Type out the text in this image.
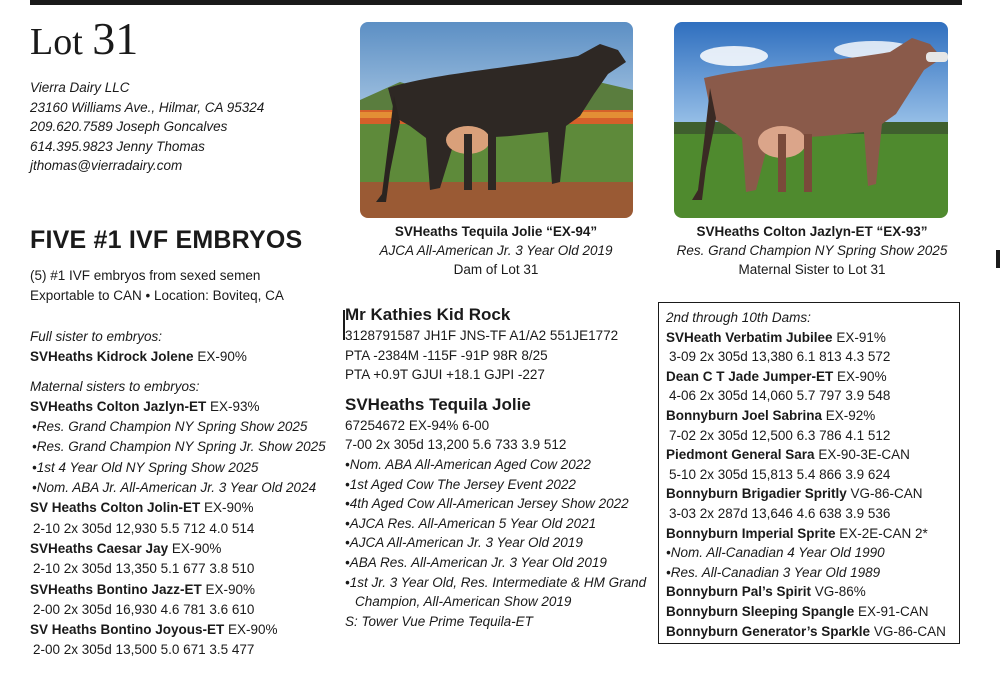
Lot 31
Vierra Dairy LLC
23160 Williams Ave., Hilmar, CA 95324
209.620.7589 Joseph Goncalves
614.395.9823 Jenny Thomas
jthomas@vierradairy.com
FIVE #1 IVF EMBRYOS
(5) #1 IVF embryos from sexed semen
Exportable to CAN • Location: Boviteq, CA
Full sister to embryos:
SVHeaths Kidrock Jolene EX-90%
Maternal sisters to embryos:
SVHeaths Colton Jazlyn-ET EX-93%
•Res. Grand Champion NY Spring Show 2025
•Res. Grand Champion NY Spring Jr. Show 2025
•1st 4 Year Old NY Spring Show 2025
•Nom. ABA Jr. All-American Jr. 3 Year Old 2024
SV Heaths Colton Jolin-ET EX-90%
2-10 2x 305d 12,930 5.5 712 4.0 514
SVHeaths Caesar Jay EX-90%
2-10 2x 305d 13,350 5.1 677 3.8 510
SVHeaths Bontino Jazz-ET EX-90%
2-00 2x 305d 16,930 4.6 781 3.6 610
SV Heaths Bontino Joyous-ET EX-90%
2-00 2x 305d 13,500 5.0 671 3.5 477
SVHeaths Tequila Jolie “EX-94”
AJCA All-American Jr. 3 Year Old 2019
Dam of Lot 31
SVHeaths Colton Jazlyn-ET “EX-93”
Res. Grand Champion NY Spring Show 2025
Maternal Sister to Lot 31
Mr Kathies Kid Rock
3128791587 JH1F JNS-TF A1/A2 551JE1772
PTA -2384M -115F -91P 98R 8/25
PTA +0.9T GJUI +18.1 GJPI -227
SVHeaths Tequila Jolie
67254672 EX-94% 6-00
7-00 2x 305d 13,200 5.6 733 3.9 512
•Nom. ABA All-American Aged Cow 2022
•1st Aged Cow The Jersey Event 2022
•4th Aged Cow All-American Jersey Show 2022
•AJCA Res. All-American 5 Year Old 2021
•AJCA All-American Jr. 3 Year Old 2019
•ABA Res. All-American Jr. 3 Year Old 2019
•1st Jr. 3 Year Old, Res. Intermediate & HM Grand
Champion, All-American Show 2019
S: Tower Vue Prime Tequila-ET
2nd through 10th Dams:
SVHeath Verbatim Jubilee EX-91%
3-09 2x 305d 13,380 6.1 813 4.3 572
Dean C T Jade Jumper-ET EX-90%
4-06 2x 305d 14,060 5.7 797 3.9 548
Bonnyburn Joel Sabrina EX-92%
7-02 2x 305d 12,500 6.3 786 4.1 512
Piedmont General Sara EX-90-3E-CAN
5-10 2x 305d 15,813 5.4 866 3.9 624
Bonnyburn Brigadier Spritly VG-86-CAN
3-03 2x 287d 13,646 4.6 638 3.9 536
Bonnyburn Imperial Sprite EX-2E-CAN 2*
•Nom. All-Canadian 4 Year Old 1990
•Res. All-Canadian 3 Year Old 1989
Bonnyburn Pal’s Spirit VG-86%
Bonnyburn Sleeping Spangle EX-91-CAN
Bonnyburn Generator’s Sparkle VG-86-CAN
